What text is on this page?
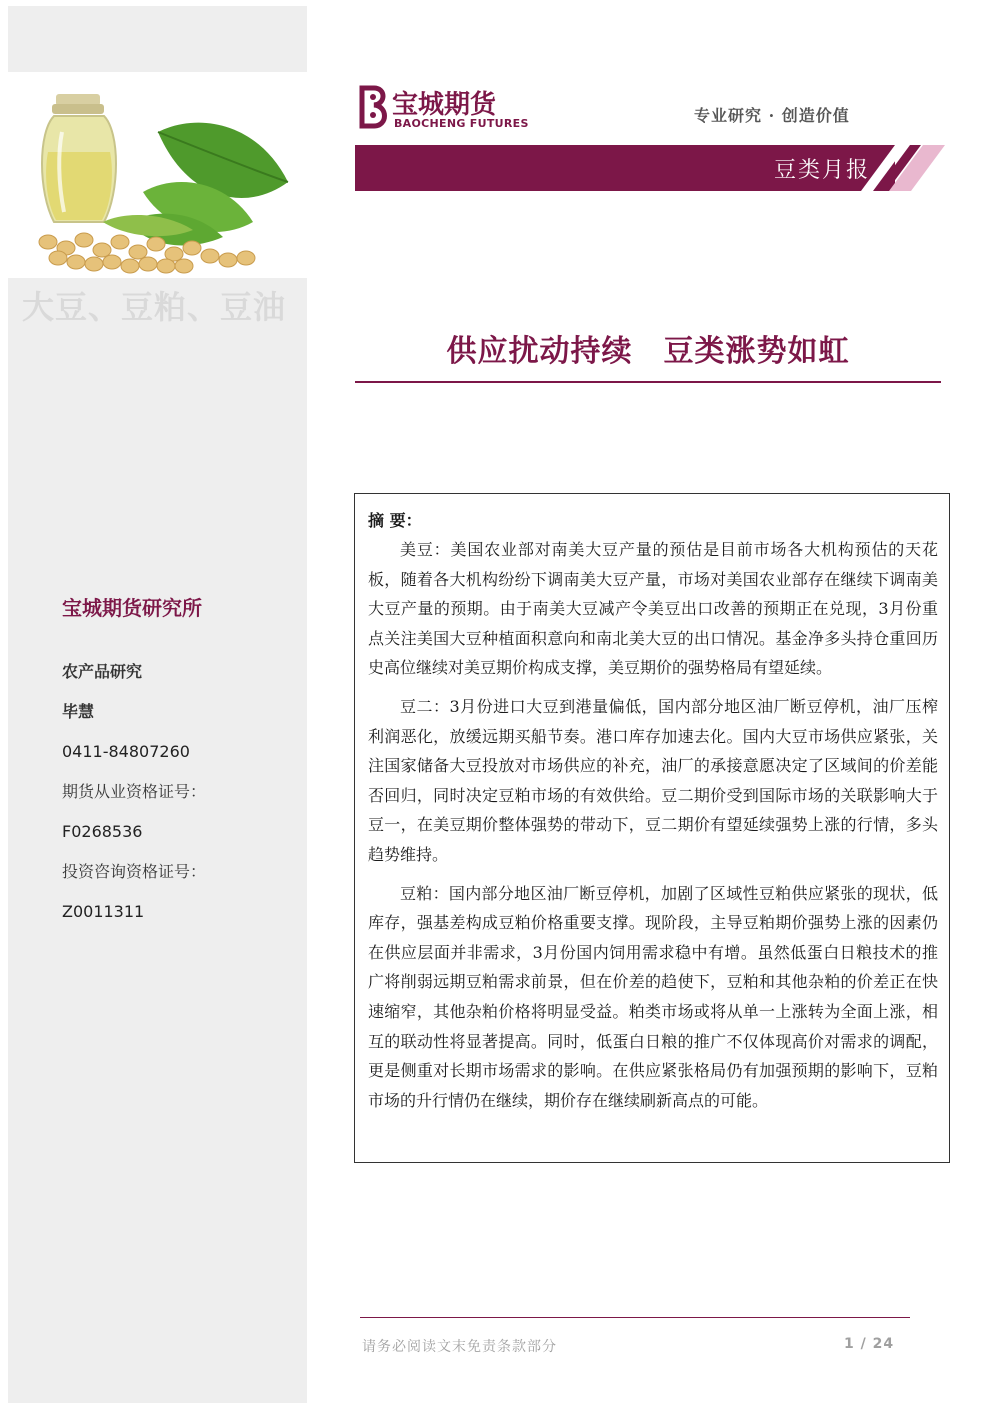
大豆、豆粕、豆油
宝城期货研究所
农产品研究
毕慧
0411-84807260
期货从业资格证号：
F0268536
投资咨询资格证号：
Z0011311
宝城期货
BAOCHENG FUTURES	专业研究 · 创造价值
豆类月报
供应扰动持续　豆类涨势如虹
摘 要：

美豆：美国农业部对南美大豆产量的预估是目前市场各大机构预估的天花板，随着各大机构纷纷下调南美大豆产量，市场对美国农业部存在继续下调南美大豆产量的预期。由于南美大豆减产令美豆出口改善的预期正在兑现，3月份重点关注美国大豆种植面积意向和南北美大豆的出口情况。基金净多头持仓重回历史高位继续对美豆期价构成支撑，美豆期价的强势格局有望延续。

豆二：3月份进口大豆到港量偏低，国内部分地区油厂断豆停机，油厂压榨利润恶化，放缓远期买船节奏。港口库存加速去化。国内大豆市场供应紧张，关注国家储备大豆投放对市场供应的补充，油厂的承接意愿决定了区域间的价差能否回归，同时决定豆粕市场的有效供给。豆二期价受到国际市场的关联影响大于豆一，在美豆期价整体强势的带动下，豆二期价有望延续强势上涨的行情，多头趋势维持。

豆粕：国内部分地区油厂断豆停机，加剧了区域性豆粕供应紧张的现状，低库存，强基差构成豆粕价格重要支撑。现阶段，主导豆粕期价强势上涨的因素仍在供应层面并非需求，3月份国内饲用需求稳中有增。虽然低蛋白日粮技术的推广将削弱远期豆粕需求前景，但在价差的趋使下，豆粕和其他杂粕的价差正在快速缩窄，其他杂粕价格将明显受益。粕类市场或将从单一上涨转为全面上涨，相互的联动性将显著提高。同时，低蛋白日粮的推广不仅体现高价对需求的调配，更是侧重对长期市场需求的影响。在供应紧张格局仍有加强预期的影响下，豆粕市场的升行情仍在继续，期价存在继续刷新高点的可能。

请务必阅读文末免责条款部分	1 / 24
